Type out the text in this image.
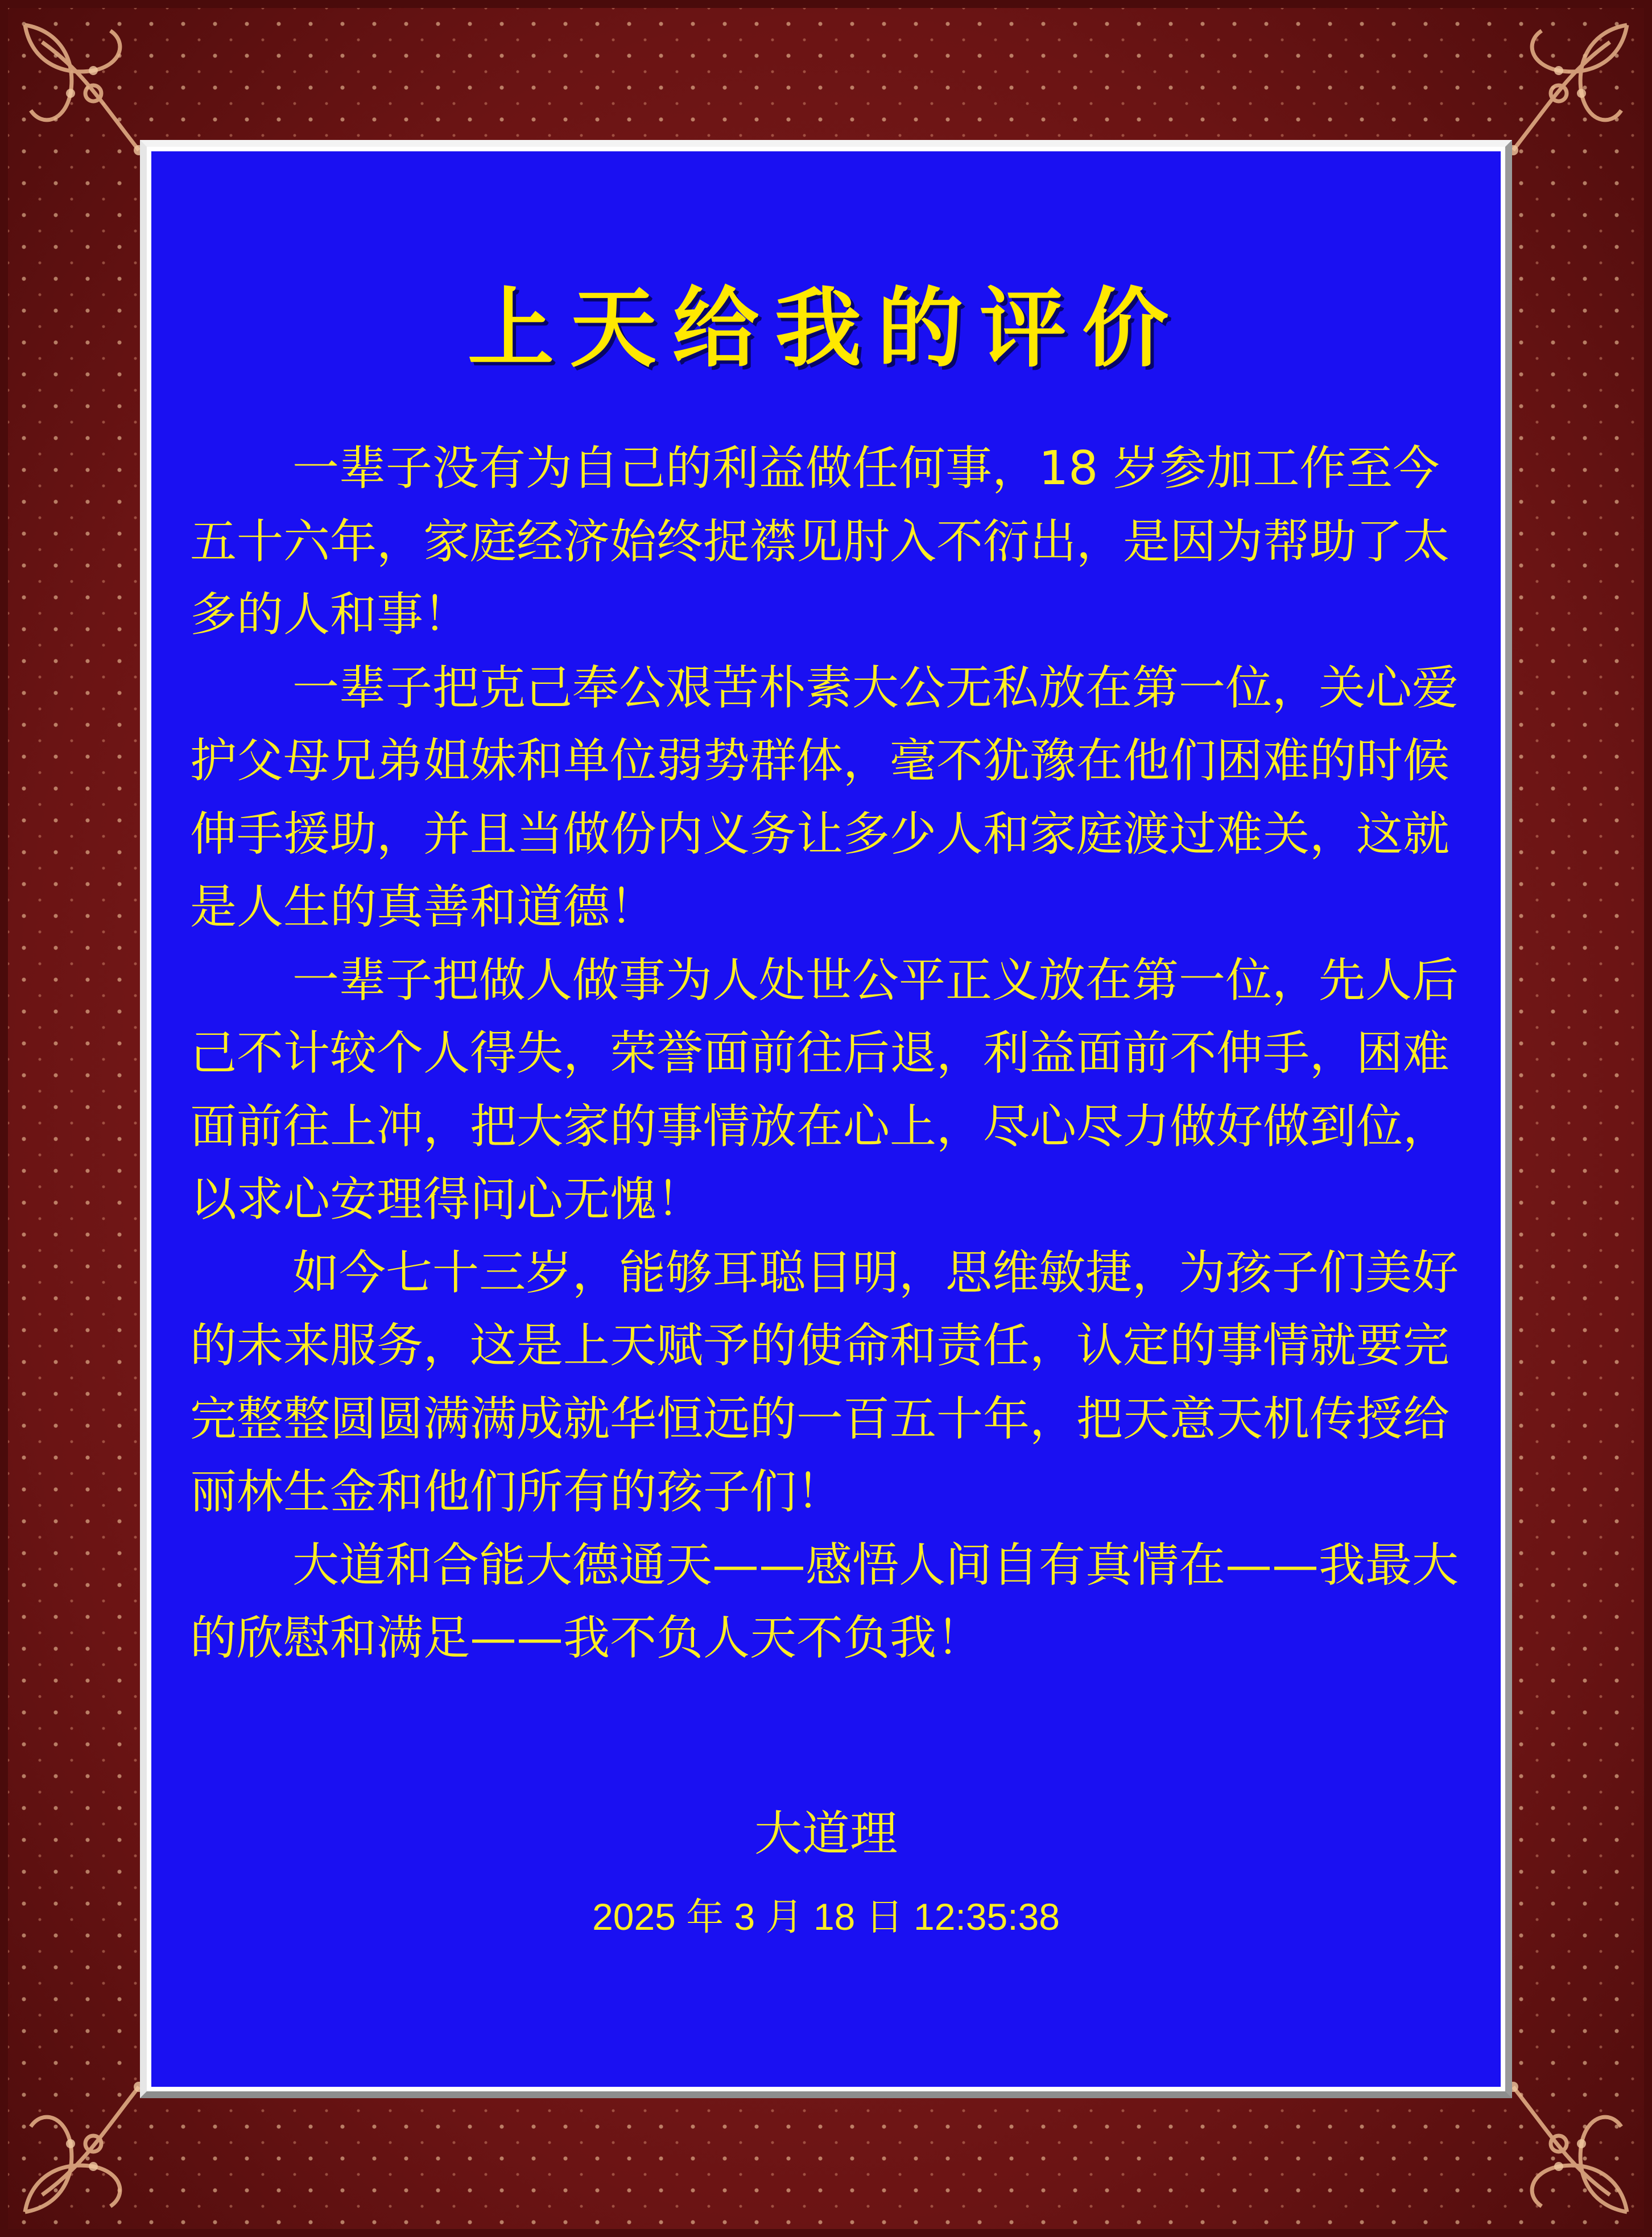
上天给我的评价

一辈子没有为自己的利益做任何事，18 岁参加工作至今五十六年，家庭经济始终捉襟见肘入不衍出，是因为帮助了太多的人和事！

一辈子把克己奉公艰苦朴素大公无私放在第一位，关心爱护父母兄弟姐妹和单位弱势群体，毫不犹豫在他们困难的时候伸手援助，并且当做份内义务让多少人和家庭渡过难关，这就是人生的真善和道德！

一辈子把做人做事为人处世公平正义放在第一位，先人后己不计较个人得失，荣誉面前往后退，利益面前不伸手，困难面前往上冲，把大家的事情放在心上，尽心尽力做好做到位，以求心安理得问心无愧！

如今七十三岁，能够耳聪目明，思维敏捷，为孩子们美好的未来服务，这是上天赋予的使命和责任，认定的事情就要完完整整圆圆满满成就华恒远的一百五十年，把天意天机传授给丽林生金和他们所有的孩子们！

大道和合能大德通天——感悟人间自有真情在——我最大的欣慰和满足——我不负人天不负我！

大道理
2025 年 3 月 18 日 12:35:38
